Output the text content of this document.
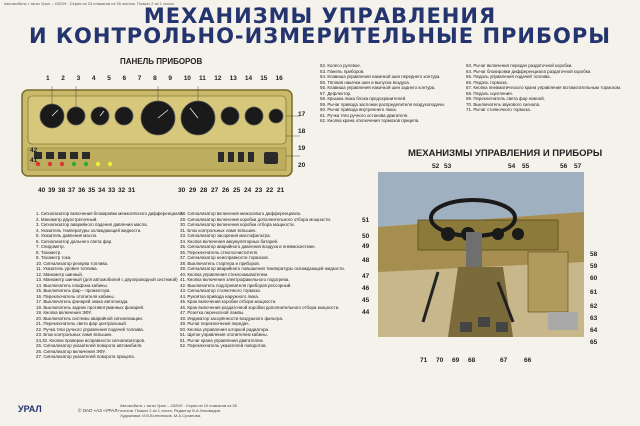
Автомобиль • тягач Урал – 4320Н . Серия из 23 плакатов из 35 листов. Плакат 2 из 1 листа.
МЕХАНИЗМЫ УПРАВЛЕНИЯ
И КОНТРОЛЬНО-ИЗМЕРИТЕЛЬНЫЕ ПРИБОРЫ
ПАНЕЛЬ ПРИБОРОВ
МЕХАНИЗМЫ УПРАВЛЕНИЯ И ПРИБОРЫ
1. Сигнализатор включения блокировки межколёсного дифференциала.
2. Манометр двухстрелочный.
3. Сигнализатор аварийного падения давления масла.
4. Указатель температуры охлаждающей жидкости.
5. Указатель давления масла.
6. Сигнализатор дальнего света фар.
7. Спидометр.
8. Тахометр.
9. Тахометр тока.
10. Сигнализатор резерва топлива.
11. Указатель уровня топлива.
12. Манометр шинный.
13. Манометр шинный (для автомобилей с двухпроводной системой)
14. Выключатель плафона кабины.
15. Выключатель фар – прожектора.
16. Переключатель отопителя кабины.
17. Выключатель фонарей знака автопоезда.
18. Выключатель задних противотуманных фонарей.
19. Кнопка включения ЭФУ.
20. Выключатель системы аварийной сигнализации.
21. Переключатель света фар центральный.
22. Ручка тяги ручного управления подачей топлива.
23. Блок контрольных ламп вспышек.
24,32. Кнопки проверки исправности сигнализаторов.
25. Сигнализатор указателей поворота автомобиля.
26. Сигнализатор включения ЭФУ.
27. Сигнализатор указателей поворота прицепа.
28. Сигнализатор включения межосевого дифференциала.
29. Сигнализатор включения коробки дополнительного отбора мощности.
30. Сигнализатор включения коробки отбора мощности.
31. Блок контрольных ламп вспышек.
33. Сигнализатор засорения маслофильтра.
34. Кнопка включения аккумуляторных батарей.
35. Сигнализатор аварийного давления воздуха в пневмосистеме.
36. Переключатель стеклоочистителя.
37. Сигнализатор неисправности тормозов.
38. Выключатель стартера и приборов.
39. Сигнализатор аварийного повышения температуры охлаждающей жидкости.
40. Кнопка управления стеклоомывателем.
41. Кнопка включения электрофакельного подогрева.
42. Выключатель подогревателя приборов рессорный.
43. Сигнализатор стояночного тормоза.
44. Рукоятка привода наружного люка.
45. Кран включения коробки отбора мощности.
46. Кран включения раздаточной коробки дополнительного отбора мощности.
47. Розетка переносной лампы.
48. Индикатор засорённости воздушного фильтра.
49. Рычаг переключения передач.
50. Кнопка управления шторкой радиатора.
51. Щиток управления отопителем кабины.
51. Рычаг крана управления двигателем.
52. Переключатель указателей поворотов.
52. Колесо рулевое.
53. Панель приборов.
54. Клавиша управления накачкой шин переднего контура.
55. Тяговая накачки шин и выпуска воздуха.
56. Клавиша управления накачкой шин заднего контура.
57. Дефлектор.
58. Крышка люка блока предохранителей.
59. Рычаг привода заслонки распределителя воздухоподачи.
60. Рычаг привода внутреннего люка.
61. Ручка тяги ручного останова двигателя.
62. Кнопка крана отключения тормозов прицепа.
63. Рычаг включения передач раздаточной коробки.
64. Рычаг блокировки дифференциала раздаточной коробки.
65. Педаль управления подачей топлива.
66. Педаль тормоза.
67. Кнопка пневматического крана управления вспомогательным тормозом.
68. Педаль сцепления.
69. Переключатель света фар ножной.
70. Выключатель звукового сигнала.
71. Рычаг стояночного тормоза.
УРАЛ	© ОАО «АЗ «УРАЛ»
Автомобиль • тягач Урал – 4320Н . Серия из 10 плакатов из 35 листов. Плакат 2 из 1 листа. Редактор В.А.Лиховидов. Художники: И.В.Колесников, М.А.Суханова.
1 2 3 4 5 6 7 8 9 10 11 12 13 14 15 16
17
18
19
20
30 29 28 27 26 25 24 23 22 21
42
41
40 39 38 37 36 35 34 33 32 31
52 53	54 55	56 57
51
50
49
48
47
46
45
44
58
59
60
61
62
63
64
65
71 70 69 68	67	66
